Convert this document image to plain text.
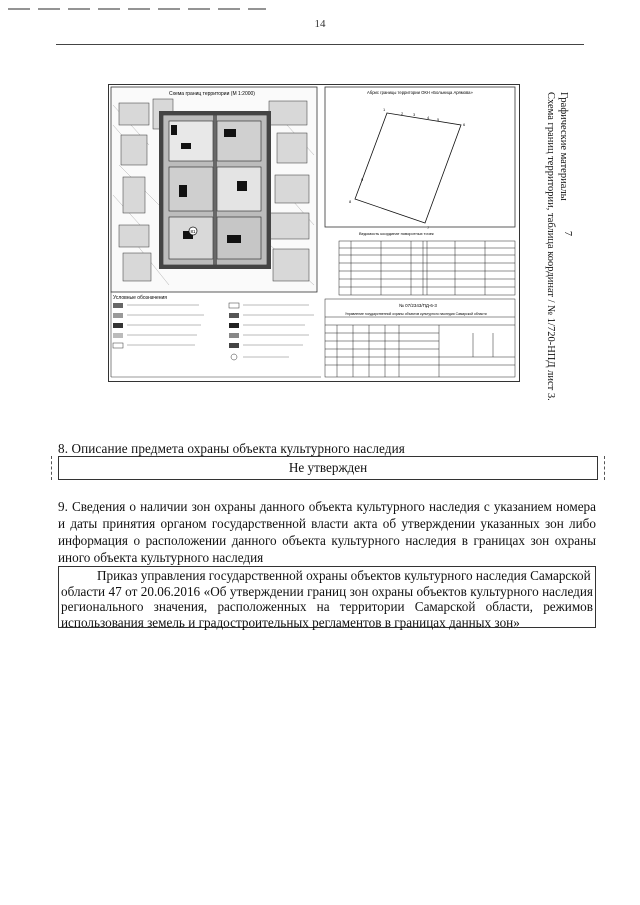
14
Схема границ территории (М 1:2000)
81
Условные обозначения
Абрис границы территории ОКН «Больница Арямова»
1
2 3
4 5
6
7
8
9
Ведомость координат поворотных точек
№ 07/2343/ПД-6-3
Управление государственной охраны объектов культурного наследия Самарской области
Графические материалы
Схема границ территории, таблица координат / № 1/720-НПД лист 3. 7
8. Описание предмета охраны объекта культурного наследия
Не утвержден
9. Сведения о наличии зон охраны данного объекта культурного наследия с указанием номера и даты принятия органом государственной власти акта об утверждении указанных зон либо информация о расположении данного объекта культурного наследия в границах зон охраны иного объекта культурного наследия
Приказ управления государственной охраны объектов культурного наследия Самарской
области 47 от 20.06.2016 «Об утверждении границ зон охраны объектов культурного наследия регионального значения, расположенных на территории Самарской области, режимов использования земель и градостроительных регламентов в границах данных зон»
